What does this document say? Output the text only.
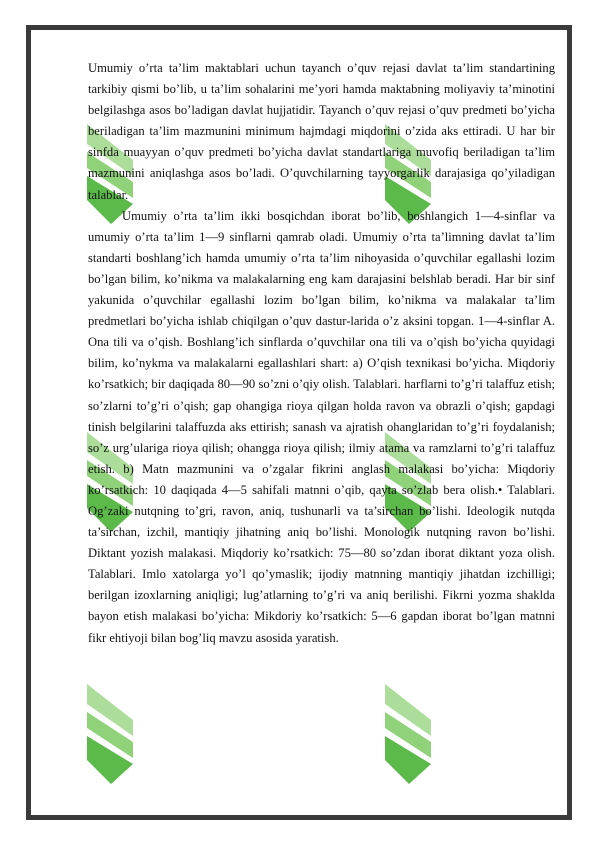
Umumiy o’rta ta’lim maktablari uchun tayanch o’quv rejasi davlat ta’lim standartining tarkibiy qismi bo’lib, u ta’lim sohalarini me’yori hamda maktabning moliyaviy ta’minotini belgilashga asos bo’ladigan davlat hujjatidir. Tayanch o’quv rejasi o’quv predmeti bo’yicha beriladigan ta’lim mazmunini minimum hajmdagi miqdorini o’zida aks ettiradi. U har bir sinfda muayyan o’quv predmeti bo’yicha davlat standartlariga muvofiq beriladigan ta’lim mazmunini aniqlashga asos bo’ladi. O’quvchilarning tayyorgarlik darajasiga qo’yiladigan talablar.

Umumiy o’rta ta’lim ikki bosqichdan iborat bo’lib, boshlangich 1—4-sinflar va umumiy o’rta ta’lim 1—9 sinflarni qamrab oladi. Umumiy o’rta ta’limning davlat ta’lim standarti boshlang’ich hamda umumiy o’rta ta’lim nihoyasida o’quvchilar egallashi lozim bo’lgan bilim, ko’nikma va malakalarning eng kam darajasini belshlab beradi. Har bir sinf yakunida o’quvchilar egallashi lozim bo’lgan bilim, ko’nikma va malakalar ta’lim predmetlari bo’yicha ishlab chiqilgan o’quv dastur-larida o’z aksini topgan. 1—4-sinflar A. Ona tili va o’qish. Boshlang’ich sinflarda o’quvchilar ona tili va o’qish bo’yicha quyidagi bilim, ko’nykma va malakalarni egallashlari shart: a) O’qish texnikasi bo’yicha. Miqdoriy ko’rsatkich; bir daqiqada 80—90 so’zni o’qiy olish. Talablari. harflarni to’g’ri talaffuz etish; so’zlarni to’g’ri o’qish; gap ohangiga rioya qilgan holda ravon va obrazli o’qish; gapdagi tinish belgilarini talaffuzda aks ettirish; sanash va ajratish ohanglaridan to’g’ri foydalanish; so’z urg’ulariga rioya qilish; ohangga rioya qilish; ilmiy atama va ramzlarni to’g’ri talaffuz etish. b) Matn mazmunini va o’zgalar fikrini anglash malakasi bo’yicha: Miqdoriy ko’rsatkich: 10 daqiqada 4—5 sahifali matnni o’qib, qayta so’zlab bera olish.• Talablari. Og’zaki nutqning to’gri, ravon, aniq, tushunarli va ta’sirchan bo’lishi. Ideologik nutqda ta’sirchan, izchil, mantiqiy jihatning aniq bo’lishi. Monologik nutqning ravon bo’lishi. Diktant yozish malakasi. Miqdoriy ko’rsatkich: 75—80 so’zdan iborat diktant yoza olish. Talablari. Imlo xatolarga yo’l qo’ymaslik; ijodiy matnning mantiqiy jihatdan izchilligi; berilgan izoxlarning aniqligi; lug’atlarning to’g’ri va aniq berilishi. Fikrni yozma shaklda bayon etish malakasi bo’yicha: Mikdoriy ko’rsatkich: 5—6 gapdan iborat bo’lgan matnni fikr ehtiyoji bilan bog’liq mavzu asosida yaratish.
